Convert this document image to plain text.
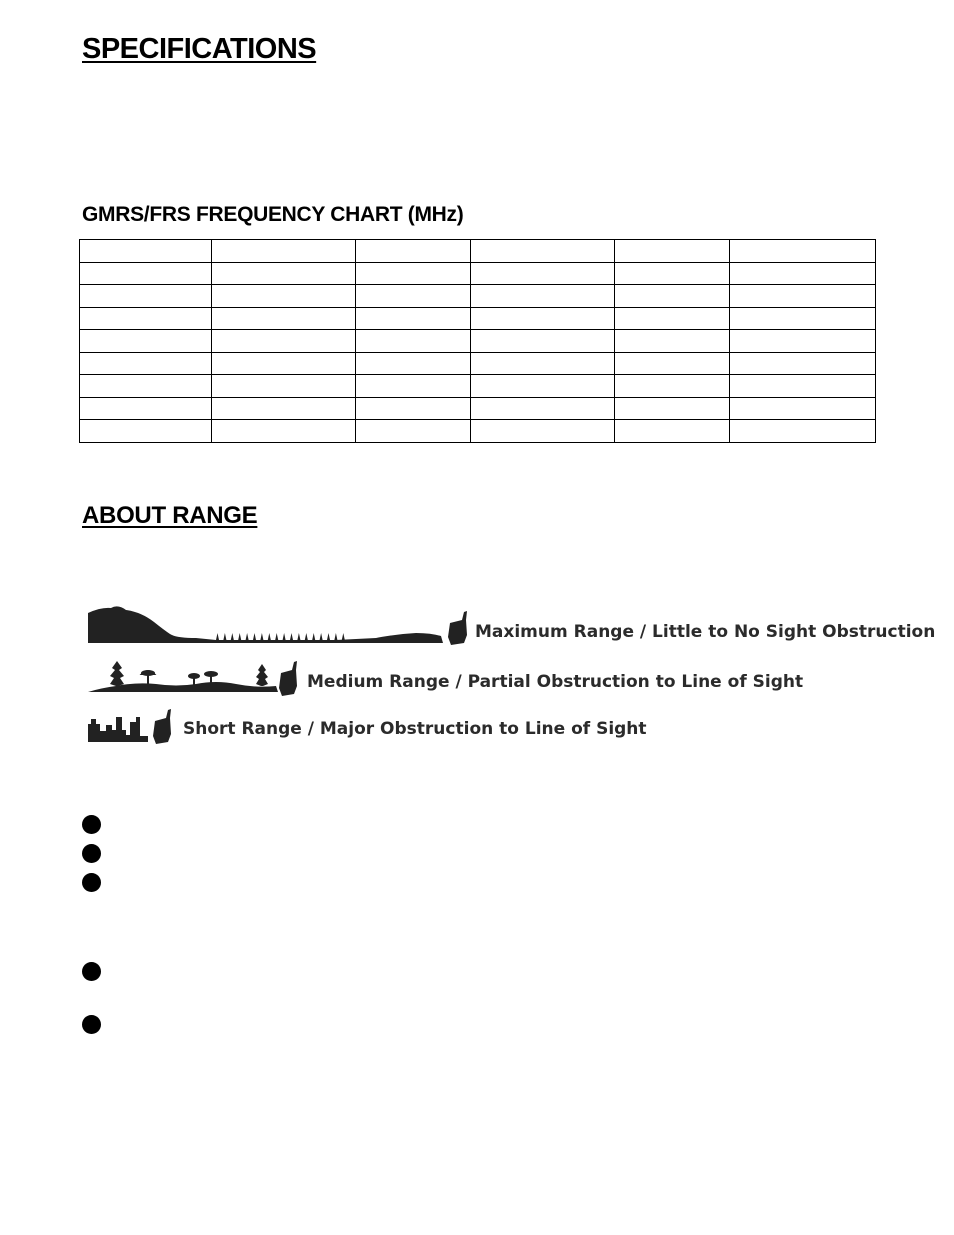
SPECIFICATIONS
GMRS/FRS FREQUENCY CHART (MHz)

ABOUT RANGE
Maximum Range / Little to No Sight Obstruction
Medium Range / Partial Obstruction to Line of Sight
Short Range / Major Obstruction to Line of Sight
